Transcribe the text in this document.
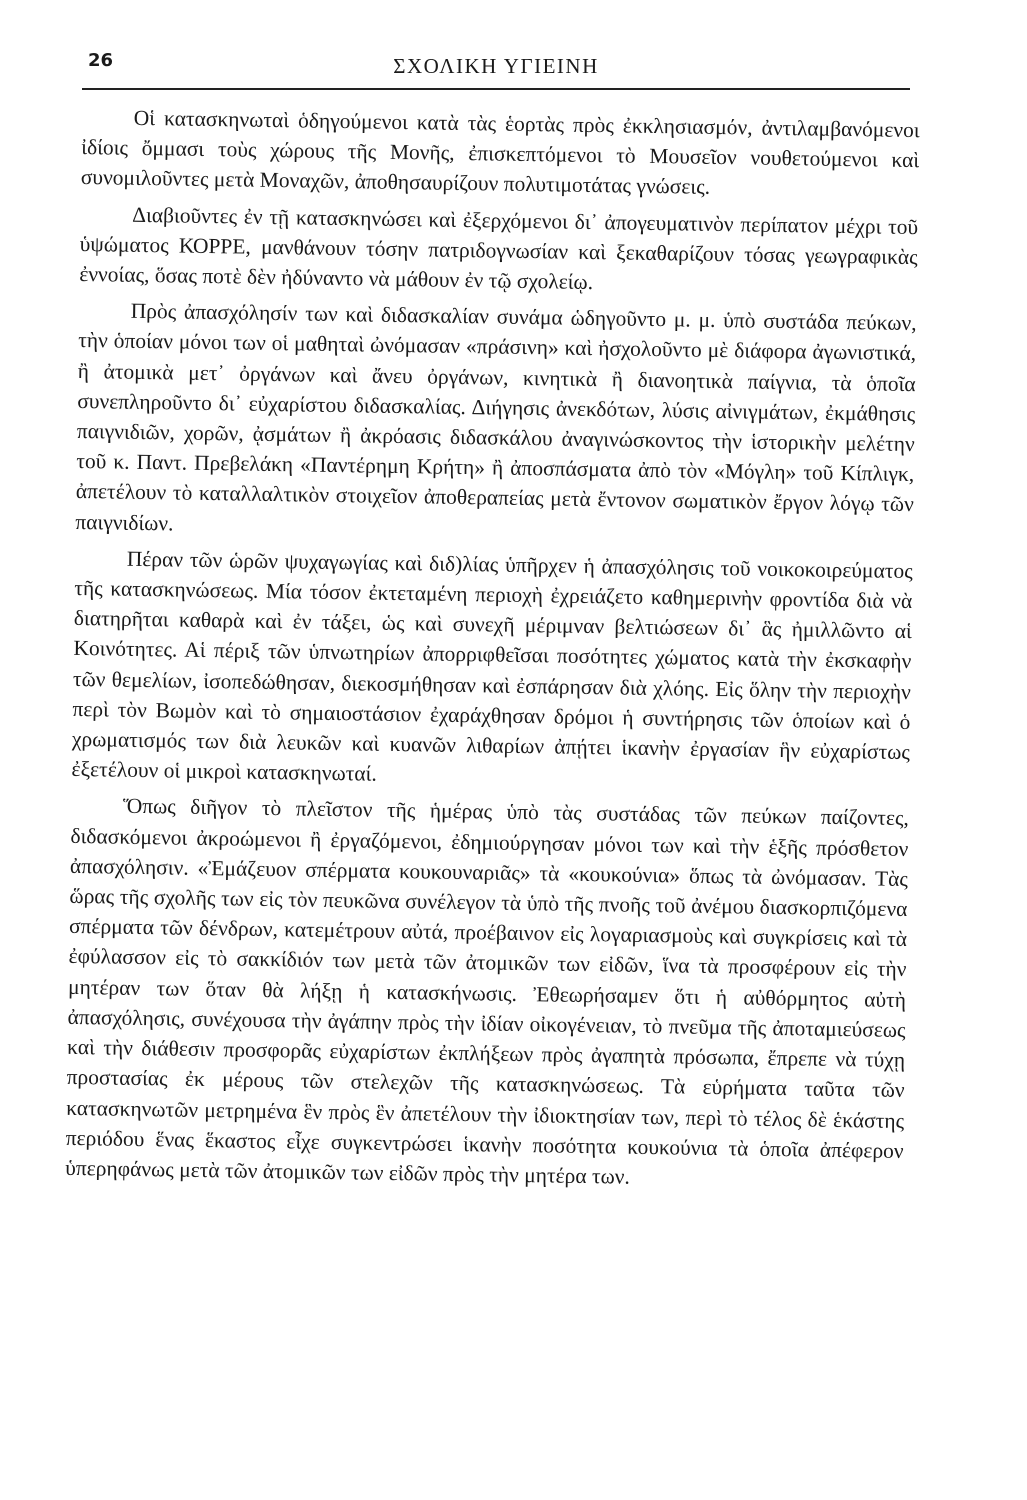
26	ΣΧΟΛΙΚΗ ΥΓΙΕΙΝΗ

Οἱ κατασκηνωταὶ ὁδηγούμενοι κατὰ τὰς ἑορτὰς πρὸς ἐκκλησιασμόν, ἀντιλαμβανόμενοι ἰδίοις ὄμμασι τοὺς χώρους τῆς Μονῆς, ἐπισκεπτόμενοι τὸ Μουσεῖον νουθετούμενοι καὶ συνομιλοῦντες μετὰ Μοναχῶν, ἀποθησαυρίζουν πολυτιμοτάτας γνώσεις.

Διαβιοῦντες ἐν τῇ κατασκηνώσει καὶ ἐξερχόμενοι δι᾽ ἀπογευματινὸν περίπατον μέχρι τοῦ ὑψώματος ΚΟΡΡΕ, μανθάνουν τόσην πατριδογνωσίαν καὶ ξεκαθαρίζουν τόσας γεωγραφικὰς ἐννοίας, ὅσας ποτὲ δὲν ἠδύναντο νὰ μάθουν ἐν τῷ σχολείῳ.

Πρὸς ἀπασχόλησίν των καὶ διδασκαλίαν συνάμα ὡδηγοῦντο μ. μ. ὑπὸ συστάδα πεύκων, τὴν ὁποίαν μόνοι των οἱ μαθηταὶ ὠνόμασαν «πράσινη» καὶ ἠσχολοῦντο μὲ διάφορα ἀγωνιστικά, ἢ ἀτομικὰ μετ᾽ ὀργάνων καὶ ἄνευ ὀργάνων, κινητικὰ ἢ διανοητικὰ παίγνια, τὰ ὁποῖα συνεπληροῦντο δι᾽ εὐχαρίστου διδασκαλίας. Διήγησις ἀνεκδότων, λύσις αἰνιγμάτων, ἐκμάθησις παιγνιδιῶν, χορῶν, ᾀσμάτων ἢ ἀκρόασις διδασκάλου ἀναγινώσκοντος τὴν ἱστορικὴν μελέτην τοῦ κ. Παντ. Πρεβελάκη «Παντέρημη Κρήτη» ἢ ἀποσπάσματα ἀπὸ τὸν «Μόγλη» τοῦ Κίπλιγκ, ἀπετέλουν τὸ καταλλαλτικὸν στοιχεῖον ἀποθεραπείας μετὰ ἔντονον σωματικὸν ἔργον λόγῳ τῶν παιγνιδίων.

Πέραν τῶν ὡρῶν ψυχαγωγίας καὶ διδ)λίας ὑπῆρχεν ἡ ἀπασχόλησις τοῦ νοικοκοιρεύματος τῆς κατασκηνώσεως. Μία τόσον ἐκτεταμένη περιοχὴ ἐχρειάζετο καθημερινὴν φροντίδα διὰ νὰ διατηρῆται καθαρὰ καὶ ἐν τάξει, ὡς καὶ συνεχῆ μέριμναν βελτιώσεων δι᾽ ἃς ἠμιλλῶντο αἱ Κοινότητες. Αἱ πέριξ τῶν ὑπνωτηρίων ἀπορριφθεῖσαι ποσότητες χώματος κατὰ τὴν ἐκσκαφὴν τῶν θεμελίων, ἰσοπεδώθησαν, διεκοσμήθησαν καὶ ἐσπάρησαν διὰ χλόης. Εἰς ὅλην τὴν περιοχὴν περὶ τὸν Βωμὸν καὶ τὸ σημαιοστάσιον ἐχαράχθησαν δρόμοι ἡ συντήρησις τῶν ὁποίων καὶ ὁ χρωματισμός των διὰ λευκῶν καὶ κυανῶν λιθαρίων ἀπῄτει ἱκανὴν ἐργασίαν ἣν εὐχαρίστως ἐξετέλουν οἱ μικροὶ κατασκηνωταί.

Ὅπως διῆγον τὸ πλεῖστον τῆς ἡμέρας ὑπὸ τὰς συστάδας τῶν πεύκων παίζοντες, διδασκόμενοι ἀκροώμενοι ἢ ἐργαζόμενοι, ἐδημιούργησαν μόνοι των καὶ τὴν ἑξῆς πρόσθετον ἀπασχόλησιν. «Ἐμάζευον σπέρματα κουκουναριᾶς» τὰ «κουκούνια» ὅπως τὰ ὠνόμασαν. Τὰς ὥρας τῆς σχολῆς των εἰς τὸν πευκῶνα συνέλεγον τὰ ὑπὸ τῆς πνοῆς τοῦ ἀνέμου διασκορπιζόμενα σπέρματα τῶν δένδρων, κατεμέτρουν αὐτά, προέβαινον εἰς λογαριασμοὺς καὶ συγκρίσεις καὶ τὰ ἐφύλασσον εἰς τὸ σακκίδιόν των μετὰ τῶν ἀτομικῶν των εἰδῶν, ἵνα τὰ προσφέρουν εἰς τὴν μητέραν των ὅταν θὰ λήξῃ ἡ κατασκήνωσις. Ἐθεωρήσαμεν ὅτι ἡ αὐθόρμητος αὐτὴ ἀπασχόλησις, συνέχουσα τὴν ἀγάπην πρὸς τὴν ἰδίαν οἰκογένειαν, τὸ πνεῦμα τῆς ἀποταμιεύσεως καὶ τὴν διάθεσιν προσφορᾶς εὐχαρίστων ἐκπλήξεων πρὸς ἀγαπητὰ πρόσωπα, ἔπρεπε νὰ τύχῃ προστασίας ἐκ μέρους τῶν στελεχῶν τῆς κατασκηνώσεως. Τὰ εὑρήματα ταῦτα τῶν κατασκηνωτῶν μετρημένα ἓν πρὸς ἓν ἀπετέλουν τὴν ἰδιοκτησίαν των, περὶ τὸ τέλος δὲ ἑκάστης περιόδου ἕνας ἕκαστος εἶχε συγκεντρώσει ἱκανὴν ποσότητα κουκούνια τὰ ὁποῖα ἀπέφερον ὑπερηφάνως μετὰ τῶν ἀτομικῶν των εἰδῶν πρὸς τὴν μητέρα των.
